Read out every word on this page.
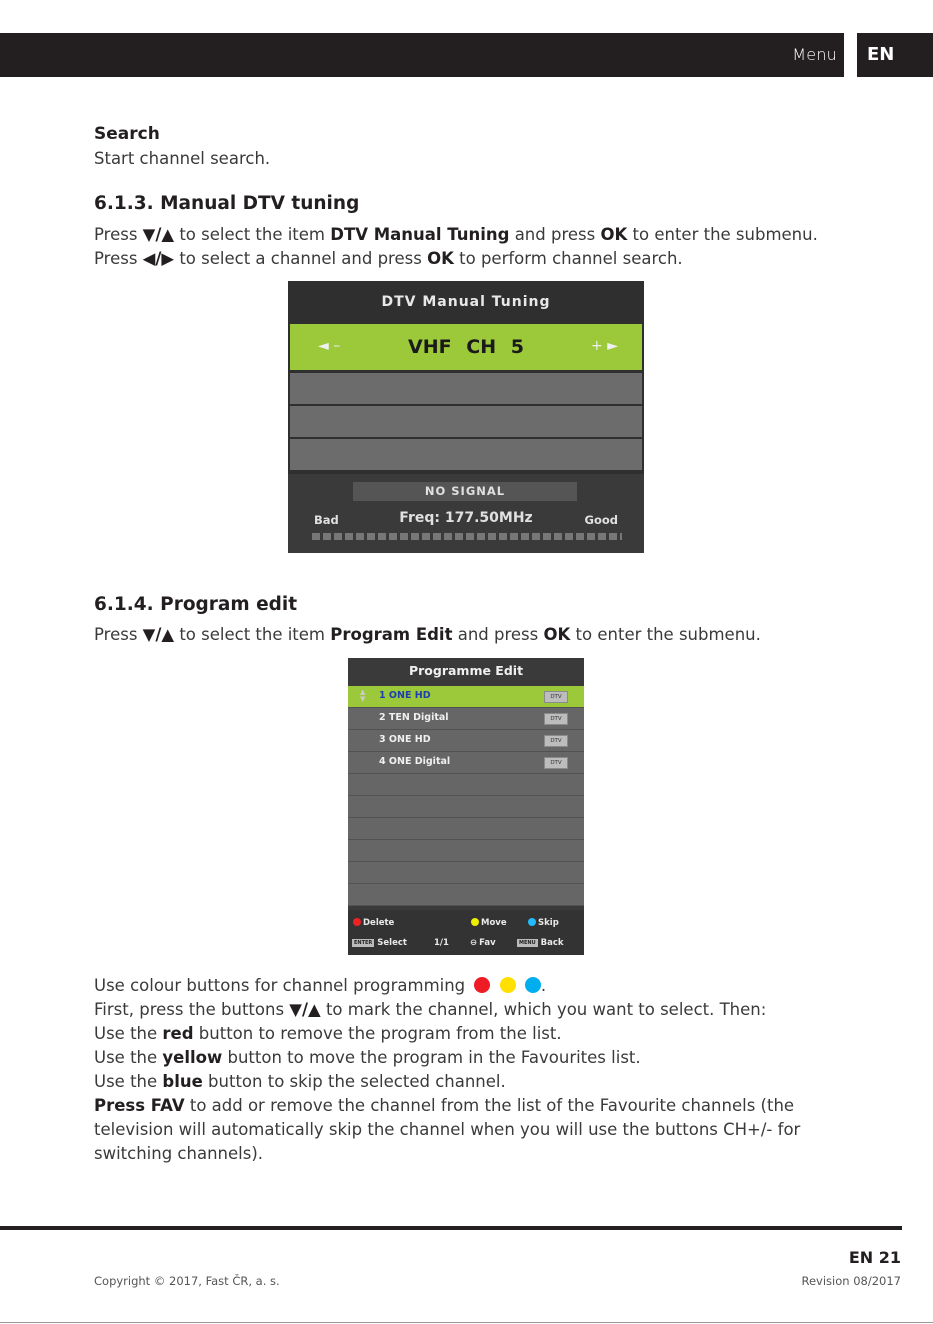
Menu	EN
Search
Start channel search.
6.1.3. Manual DTV tuning
Press ▼/▲ to select the item DTV Manual Tuning and press OK to enter the submenu.
Press ◀/▶ to select a channel and press OK to perform channel search.
DTV Manual Tuning
◄ –	VHF CH 5	+ ►
NO SIGNAL
Bad	Freq: 177.50MHz	Good
6.1.4. Program edit
Press ▼/▲ to select the item Program Edit and press OK to enter the submenu.
Programme Edit
▲
▼ 1 ONE HD	DTV
2 TEN Digital	DTV
3 ONE HD	DTV
4 ONE Digital	DTV
Delete	Move	Skip
ENTER Select	1/1 ⊖ Fav	MENU Back
Use colour buttons for channel programming	.
First, press the buttons ▼/▲ to mark the channel, which you want to select. Then:
Use the red button to remove the program from the list.
Use the yellow button to move the program in the Favourites list.
Use the blue button to skip the selected channel.
Press FAV to add or remove the channel from the list of the Favourite channels (the
television will automatically skip the channel when you will use the buttons CH+/- for
switching channels).
EN 21
Copyright © 2017, Fast ČR, a. s.	Revision 08/2017
